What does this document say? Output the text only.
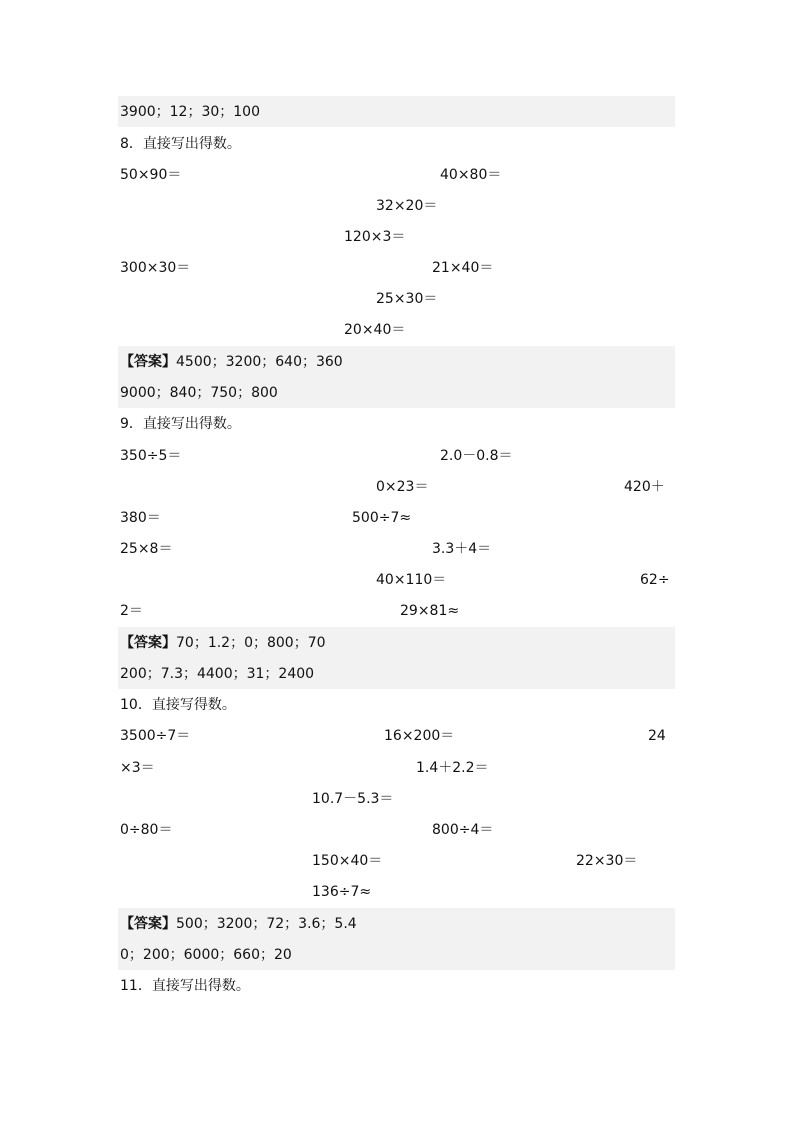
3900；12；30；100
8．直接写出得数。
50×90＝	40×80＝
32×20＝
120×3＝
300×30＝	21×40＝
25×30＝
20×40＝
【答案】4500；3200；640；360
9000；840；750；800
9．直接写出得数。
350÷5＝	2.0－0.8＝
0×23＝	420＋
380＝	500÷7≈
25×8＝	3.3＋4＝
40×110＝	62÷
2＝	29×81≈
【答案】70；1.2；0；800；70
200；7.3；4400；31；2400
10．直接写得数。
3500÷7＝	16×200＝	24
×3＝	1.4＋2.2＝
10.7－5.3＝
0÷80＝	800÷4＝
150×40＝	22×30＝
136÷7≈
【答案】500；3200；72；3.6；5.4
0；200；6000；660；20
11．直接写出得数。
